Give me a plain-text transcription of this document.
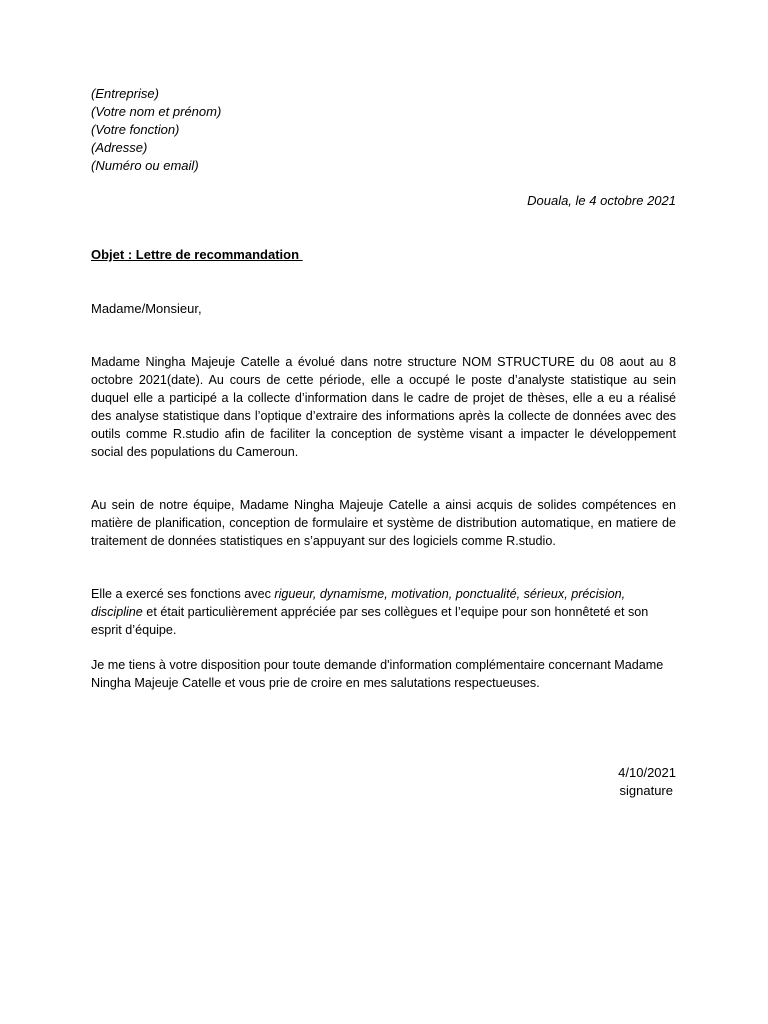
(Entreprise)
(Votre nom et prénom)
(Votre fonction)
(Adresse)
(Numéro ou email)
Douala, le 4 octobre 2021
Objet : Lettre de recommandation
Madame/Monsieur,
Madame Ningha Majeuje Catelle a évolué dans notre structure NOM STRUCTURE du 08 aout au 8 octobre 2021(date). Au cours de cette période, elle a occupé le poste d’analyste statistique au sein duquel elle a participé a la collecte d’information dans le cadre de projet de thèses, elle a eu a réalisé des analyse statistique dans l’optique d’extraire des informations après la collecte de données avec des outils comme R.studio afin de faciliter la conception de système visant a impacter le développement social des populations du Cameroun.
Au sein de notre équipe, Madame Ningha Majeuje Catelle a ainsi acquis de solides compétences en matière de planification, conception de formulaire et système de distribution automatique, en matiere de traitement de données statistiques en s’appuyant sur des logiciels comme R.studio.
Elle a exercé ses fonctions avec rigueur, dynamisme, motivation, ponctualité, sérieux, précision, discipline et était particulièrement appréciée par ses collègues et l’equipe pour son honnêteté et son esprit d’équipe.
Je me tiens à votre disposition pour toute demande d'information complémentaire concernant Madame Ningha Majeuje Catelle et vous prie de croire en mes salutations respectueuses.
4/10/2021
signature
